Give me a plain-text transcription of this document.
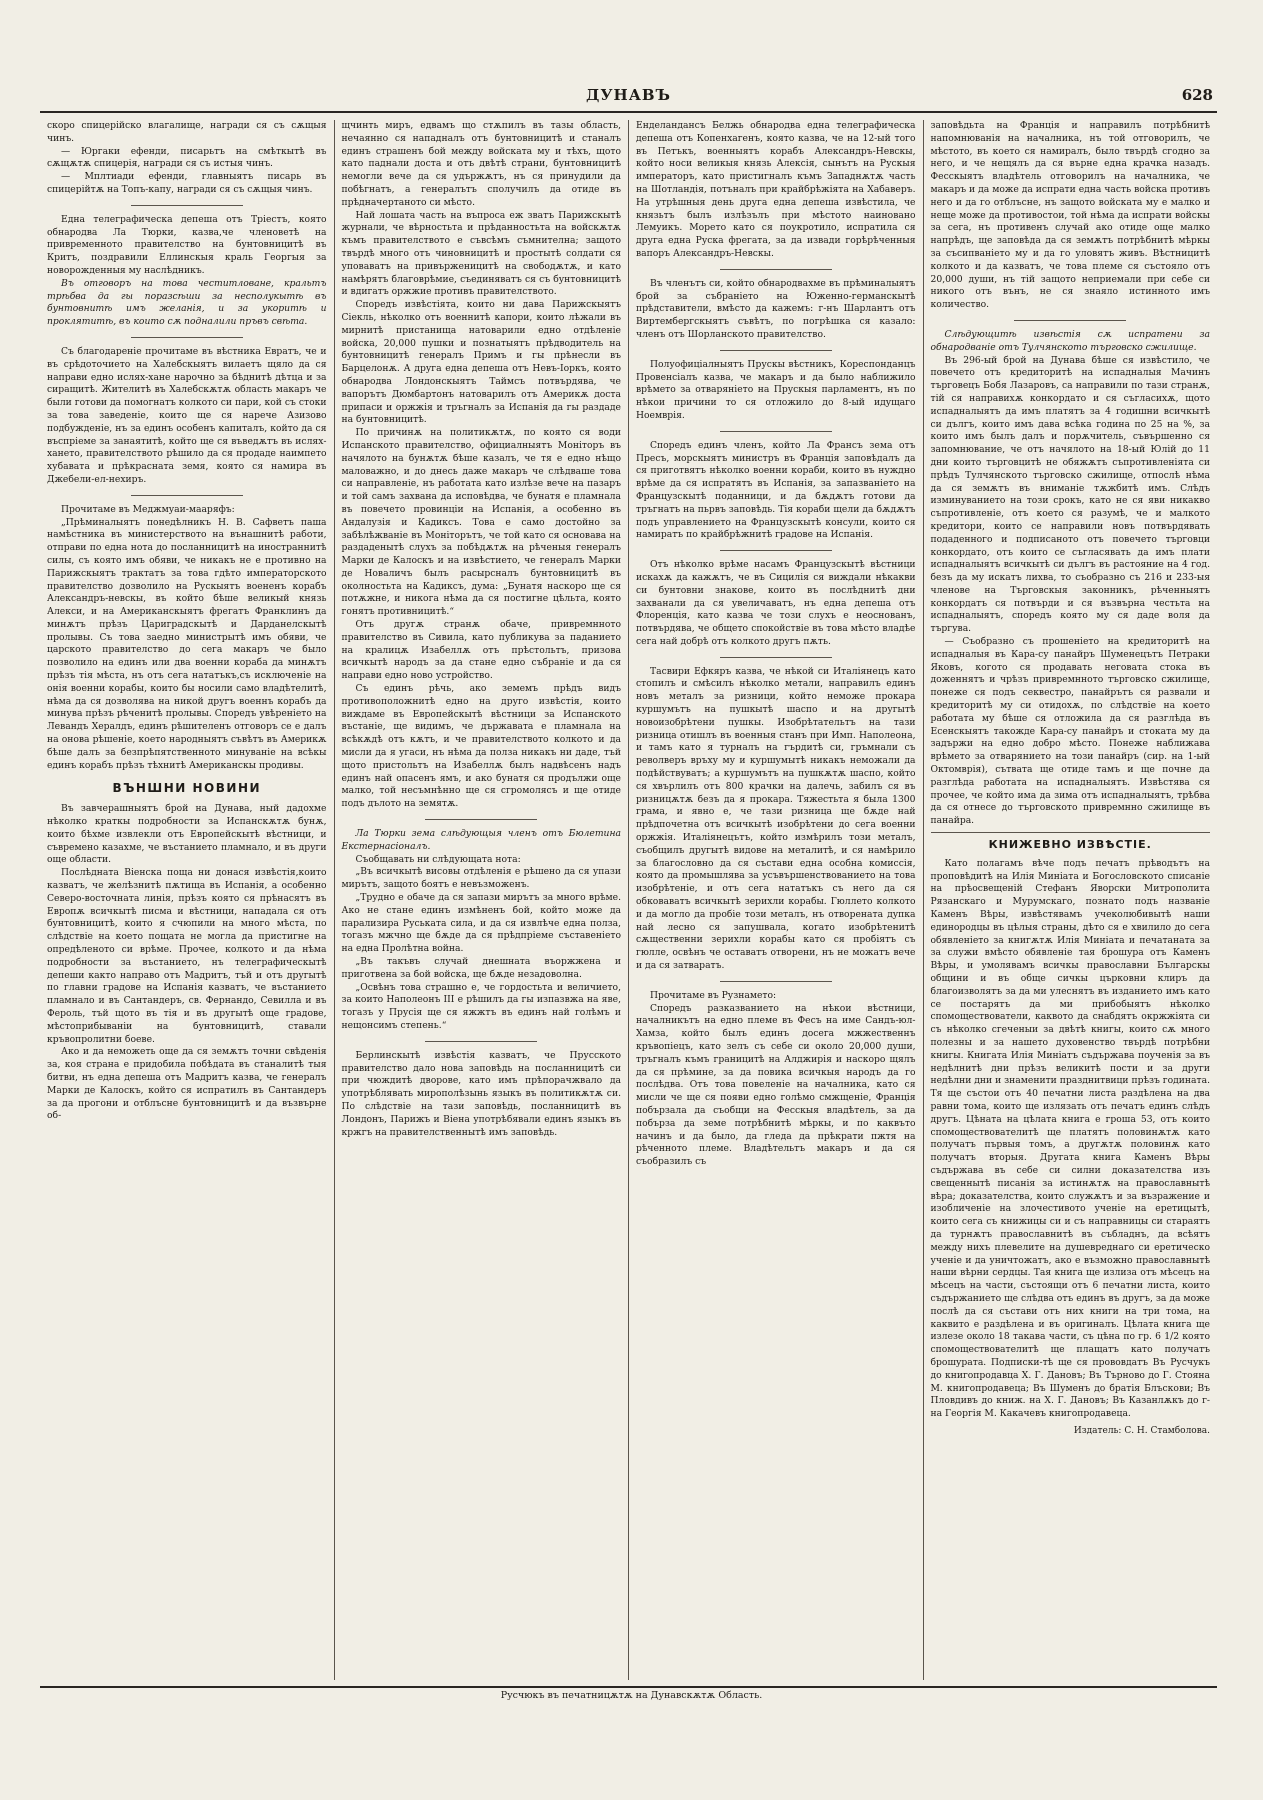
ДУНАВЪ	628

скоро спицерійско влагалище, награди ся съ сѫщыя чинъ.

— Юргаки ефенди, писарьтъ на смѣткытѣ въ сѫщѫтѫ спицерія, награди ся съ истыя чинъ.

— Мплтиади ефенди, главныятъ писарь въ спицерійтѫ на Топъ-капу, награди ся съ сѫщыя чинъ.

Една телеграфическа депеша отъ Тріестъ, която обнародва Ла Тюрки, казва,че членоветѣ на привременното правителство на бунтовницитѣ въ Критъ, поздравили Еллинскыя краль Георгыя за новорожденныя му наслѣдникъ.

Въ отговоръ на това честитловане, кральтъ трѣбва да гы поразсѣши за несполукытѣ въ бунтовнитѣ имъ желанія, и за укоритѣ и проклятитѣ, въ които сѫ подналили пръвъ свѣта.

Съ благодареніе прочитаме въ вѣстника Евратъ, че и въ срѣдоточието на Халебскыятъ вилаетъ щяло да ся направи едно ислях-хане нарочно за бѣднитѣ дѣтца и за сиращитѣ. Жителитѣ въ Халебскѫтѫ область макаръ че были готови да помогнатъ колкото си пари, кой съ стоки за това заведеніе, които ще ся нарече Азизово подбужденіе, нъ за единъ особенъ капиталъ, който да ся въспріеме за занаятитѣ, който ще ся въведѫтъ въ ислях-хането, правителството рѣшило да ся продаде наимпето хубавата и прѣкрасната земя, която ся намира въ Джебели-ел-нехиръ.

Прочитаме въ Меджмуаи-мааряфъ:

„Прѣминалыятъ понедѣлникъ Н. В. Сафветъ паша намѣстника въ министерството на вънашнитѣ работи, отправи по една нота до посланницитѣ на иностраннитѣ силы, съ която имъ обяви, че никакъ не е противно на Парижскыятъ трактатъ за това гдѣто императорското правителство дозволило на Рускыятъ воененъ корабъ Александръ-невскы, въ който бѣше великый князь Алекси, и на Американскыятъ фрегатъ Франклинъ да минѫтъ прѣзъ Цариградскытѣ и Дарданелскытѣ пролывы. Съ това заедно министрытѣ имъ обяви, че царското правителство до сега макаръ че было позволило на единъ или два военни кораба да минѫтъ прѣзъ тія мѣста, нъ отъ сега нататъкъ,съ исключеніе на онія военни корабы, които бы носили само владѣтелитѣ, нѣма да ся дозволява на никой другъ военнъ корабъ да минува прѣзъ рѣченитѣ пролывы. Споредъ увѣреніето на Левандъ Хералдъ, единъ рѣшителенъ отговоръ се е далъ на онова рѣшеніе, което народныятъ съвѣтъ въ Америкѫ бѣше далъ за безпрѣпятственното минуваніе на всѣкы единъ корабъ прѣзъ тѣхнитѣ Американскы продивы.

ВЪНШНИ НОВИНИ

Въ завчерашныятъ брой на Дунава, ный дадохме нѣколко краткы подробности за Испанскѫтѫ бунѫ, които бѣхме извлекли отъ Европейскытѣ вѣстници, и съвремено казахме, че въстанието пламнало, и въ други още области.

Послѣдната Віенска поща ни донася извѣстія,които казватъ, че желѣзнитѣ пѫтища въ Испанія, а особенно Северо-восточната линія, прѣзъ която ся прѣнасятъ въ Европѫ всичкытѣ писма и вѣстници, нападала ся отъ бунтовницитѣ, които я счюпили на много мѣста, по слѣдствіе на което пощата не могла да пристигне на опредѣленото си врѣме. Прочее, колкото и да нѣма подробности за въстанието, нъ телеграфическытѣ депеши както направо отъ Мадритъ, тъй и отъ другытѣ по главни градове на Испанія казватъ, че въстанието пламнало и въ Сантандеръ, св. Фернандо, Севилла и въ Фероль, тъй щото въ тія и въ другытѣ още градове, мѣстоприбываніи на бунтовницитѣ, ставали кръвопролитни боеве.

Ако и да неможеть още да ся земѫтъ точни свѣденія за, коя страна е придобила побѣдата въ станалитѣ тыя битви, нъ една депеша отъ Мадритъ казва, че генералъ Марки де Калоскъ, който ся испратилъ въ Сантандеръ за да прогони и отблъсне бунтовницитѣ и да възвърне об-

щчинть миръ, едвамъ що стѫпилъ въ тазы область, нечаянно ся нападналъ отъ бунтовницитѣ и станалъ единъ страшенъ бой между войската му и тѣхъ, щото като паднали доста и отъ двѣтѣ страни, бунтовницитѣ немогли вече да ся удържѫтъ, нъ ся принудили да побѣгнатъ, а генералътъ сполучилъ да отиде въ прѣдначертаното си мѣсто.

Най лошата часть на въпроса еж зватъ Парижскытѣ журнали, че вѣрностьта и прѣданностьта на войскѫтѫ къмъ правителството е съвсѣмъ съмнителна; защото твърдѣ много отъ чиновницитѣ и простытѣ солдати ся уповаватъ на привърженицитѣ на свободѫтѫ, и като намѣрятъ благоврѣмие, съединяватъ ся съ бунтовницитѣ и вдигатъ оржжие противъ правителството.

Споредъ извѣстіята, които ни дава Парижскыятъ Сіекль, нѣколко отъ военнитѣ капори, които лѣжали въ мирнитѣ пристанища натоварили едно отдѣленіе войска, 20,000 пушки и познатыятъ прѣдводитель на бунтовницитѣ генералъ Примъ и гы прѣнесли въ Барцелонѫ. А друга една депеша отъ Невъ-Іоркъ, която обнародва Лондонскыятъ Таймсъ потвърдява, че вапорътъ Дюмбартонъ натоварилъ отъ Америкѫ доста припаси и оржжія и тръгналъ за Испанія да гы раздаде на бунтовницитѣ.

По причинѫ на политикѫтѫ, по която ся води Испанското правителство, официалныятъ Моніторъ въ начялото на бунѫтѫ бѣше казалъ, че тя е едно нѣщо маловажно, и до днесь даже макаръ че слѣдваше това си направленіе, нъ работата като излѣзе вече на пазаръ и той самъ захвана да исповѣдва, че бунатя е пламнала въ повечето провинціи на Испанія, а особенно въ Андалузія и Кадиксъ. Това е само достойно за забѣлѣжваніе въ Моніторътъ, че той като ся основава на раздаденытѣ слухъ за побѣдѫтѫ на рѣченыя генералъ Марки де Калоскъ и на извѣстието, че генералъ Марки де Новаличъ былъ расырсналъ бунтовницитѣ въ околностьта на Кадиксъ, дума: „Бунатя наскоро ще ся потѫжне, и никога нѣма да ся постигне цѣльта, която гонятъ противницитѣ.“

Отъ другѫ странѫ обаче, привремнното правителство въ Сивила, като публикува за паданието на кралицѫ Изабеллѫ отъ прѣстольтъ, призова всичкытѣ народъ за да стане едно събраніе и да ся направи едно ново устройство.

Съ единъ рѣчь, ако земемъ прѣдъ видъ противоположнитѣ едно на друго извѣстія, които виждаме въ Европейскытѣ вѣстници за Испанското въстаніе, ще видимъ, че държавата е пламнала на всѣкѫдѣ отъ кѫтъ, и че правителството колкото и да мисли да я угаси, нъ нѣма да полза никакъ ни даде, тъй щото пристольтъ на Изабеллѫ былъ надвѣсенъ надъ единъ най опасенъ ямъ, и ако бунатя ся продължи още малко, той несъмнѣнно ще ся сгромолясъ и ще отиде подъ дълото на земятѫ.

Ла Тюрки зема слѣдующыя членъ отъ Бюлетина Екстернасіоналъ.

Съобщавать ни слѣдующата нота:

„Въ всичкытѣ висовы отдѣленія е рѣшено да ся упази мирътъ, защото боятъ е невъзможенъ.

„Трудно е обаче да ся запази мирътъ за много врѣме. Ако не стане единъ измѣненъ бой, който може да парализира Руськата сила, и да ся извлѣче една полза, тогазъ мжчно ще бѫде да ся прѣдпріеме съставеніето на една Пролѣтна война.

„Въ такъвъ случай днешната въоржжена и приготвена за бой войска, ще бѫде незадоволна.

„Освѣнъ това страшно е, че гордостьта и величието, за които Наполеонъ III е рѣшилъ да гы изпазвжа на яве, тогазъ у Прусія ще ся яжжтъ въ единъ най голѣмъ и нещонсимъ степень.“

Берлинскытѣ извѣстія казватъ, че Прусското правителство дало нова заповѣдь на посланницитѣ си при чюждитѣ дворове, като имъ прѣпорачжвало да употрѣблявать мирополѣзынь языкъ въ политикѫтѫ си. По слѣдствіе на тази заповѣдь, посланницитѣ въ Лондонъ, Парижъ и Віена употрѣбявали единъ языкъ въ кржгъ на правителственнытѣ имъ заповѣдь.

Енделандансъ Белжь обнародва една телеграфическа депеша отъ Копенхагенъ, която казва, че на 12-ый того въ Петъкъ, военныятъ корабъ Александръ-Невскы, който носи великыя князь Алексія, сынътъ на Рускыя императоръ, като пристигналъ къмъ Западнѫтѫ часть на Шотландія, потъналъ при крайбрѣжіята на Хабаверъ. На утрѣшныя день друга една депеша извѣстила, че князьтъ былъ излѣзълъ при мѣстото наиновано Лемуикъ. Морето като ся поукротило, испратила ся друга една Руска фрегата, за да извади горѣрѣченныя вапоръ Александръ-Невскы.

Въ членътъ си, който обнародвахме въ прѣминалыятъ брой за събраніето на Юженно-германскытѣ прѣдставители, вмѣсто да кажемъ: г-нъ Шарлантъ отъ Виртембергскыятъ съвѣтъ, по погрѣшка ся казало: членъ отъ Шорланското правителство.

Полуофиціалныятъ Прускы вѣстникъ, Кореспонданцъ Провенсіалъ казва, че макаръ и да было наближило врѣмето за отваряніето на Прускыя парламентъ, нъ по нѣкои причини то ся отложило до 8-ый идущаго Ноемврія.

Споредъ единъ членъ, който Ла Франсъ зема отъ Пресъ, морскыятъ министръ въ Франція заповѣдалъ да ся приготвятъ нѣколко военни кораби, които въ нуждно врѣме да ся испратятъ въ Испанія, за запазваніето на Французскытѣ поданници, и да бѫдѫтъ готови да тръгнатъ на пьрвъ заповѣдь. Тія кораби щели да бѫдѫтъ подъ управлението на Французскытѣ консули, които ся намиратъ по крайбрѣжнитѣ градове на Испанія.

Отъ нѣколко врѣме насамъ Французскытѣ вѣстници искахѫ да кажѫтъ, че въ Сицилія ся виждали нѣкакви си бунтовни знакове, които въ послѣднитѣ дни захванали да ся увеличаватъ, нъ една депеша отъ Флоренція, като казва че този слухъ е неоснованъ, потвърдява, че общето спокойствіе въ това мѣсто владѣе сега най добрѣ отъ колкото другъ пѫть.

Тасвири Ефкяръ казва, че нѣкой си Италіянецъ като стопилъ и смѣсилъ нѣколко метали, направилъ единъ новъ металъ за ризници, който неможе прокара куршумътъ на пушкытѣ шаспо и на другытѣ новоизобрѣтени пушкы. Изобрѣтательтъ на тази ризница отишлъ въ военныя станъ при Имп. Наполеона, и тамъ като я турналъ на гърдитѣ си, гръмнали съ револверъ връху му и куршумытѣ никакъ неможали да подѣйствуватъ; а куршумътъ на пушкѫтѫ шаспо, който ся хвърлилъ отъ 800 крачки на далечь, забилъ ся въ ризницѫтѫ безъ да я прокара. Тяжестьта я была 1300 грама, и явно е, че тази ризница ще бѫде най прѣдпочетна отъ всичкытѣ изобрѣтени до сега военни оржжія. Италіянецътъ, който измѣрилъ този металъ, съобщилъ другытѣ видове на металитѣ, и ся намѣрило за благословно да ся състави една особна комиссія, която да промышлява за усъвършенствованието на това изобрѣтеніе, и отъ сега нататъкъ съ него да ся обковаватъ всичкытѣ зерихли корабы. Гюллето колкото и да могло да пробіе този металъ, нъ отворената дупка най лесно ся запушвала, когато изобрѣтенитѣ сѫщественни зерихли корабы като ся пробіятъ съ гюлле, освѣнъ че оставатъ отворени, нъ не можатъ вече и да ся затваратъ.

Прочитаме въ Рузнамето:

Споредъ разказванието на нѣкои вѣстници, началникътъ на едно племе въ Фесъ на име Сандъ-юл-Хамза, който былъ единъ досега мжжественнъ кръвопіецъ, като зелъ съ себе си около 20,000 души, тръгналъ къмъ границитѣ на Алджирія и наскоро щялъ да ся прѣмине, за да повика всичкыя народъ да го послѣдва. Отъ това повеленіе на началника, като ся мисли че ще ся появи едно голѣмо смжщеніе, Франція побързала да съобщи на Фесскыя владѣтель, за да побърза да земе потрѣбнитѣ мѣркы, и по каквъто начинъ и да было, да гледа да прѣкрати пжтя на рѣченното племе. Владѣтельтъ макаръ и да ся съобразилъ съ

заповѣдьта на Франція и направилъ потрѣбнитѣ напомнюванія на началника, нъ той отговорилъ, че мѣстото, въ което ся намиралъ, было твърдѣ сгодно за него, и че нещялъ да ся върне една крачка назадъ. Фесскыятъ владѣтель отговорилъ на началника, че макаръ и да може да испрати една часть войска противъ него и да го отблъсне, нъ защото войската му е малко и неще може да противостои, той нѣма да испрати войскы за сега, нъ противенъ случай ако отиде още малко напрѣдъ, ще заповѣда да ся земѫтъ потрѣбнитѣ мѣркы за съсипваніето му и да го уловятъ живъ. Вѣстницитѣ колкото и да казватъ, че това племе ся състояло отъ 20,000 души, нъ тій защото неприемали при себе си никого отъ вънъ, не ся знаяло истинното имъ количество.

Слѣдующитѣ извѣстія сѫ испратени за обнародваніе отъ Тулчянското търговско сжилище.

Въ 296-ый брой на Дунава бѣше ся извѣстило, че повечето отъ кредиторитѣ на испадналыя Мачинъ търговецъ Бобя Лазаровъ, са направили по тази странѫ, тій ся направихѫ конкордато и ся съгласихѫ, щото испадналыятъ да имъ платятъ за 4 годишни всичкытѣ си дългъ, които имъ дава всѣка година по 25 на %, за които имъ былъ далъ и порѫчитель, съвършенно ся запомнювание, че отъ начялото на 18-ый Юлій до 11 дни които търговцитѣ не обяжѫтъ съпротивленіята си прѣдъ Тулчянското търговско сжилище, отпослѣ нѣма да ся земѫтъ въ вниманіе тѫжбитѣ имъ. Слѣдъ изминуванието на този срокъ, като не ся яви никакво съпротивленіе, отъ което ся разумѣ, че и малкото кредитори, които се направили новъ потвърдявать подаденного и подписаното отъ повечето търговци конкордато, отъ които се съгласявать да имъ плати испадналыятъ всичкытѣ си дългъ въ растояние на 4 год. безъ да му искатъ лихва, то съобразно съ 216 и 233-ыя членове на Търговскыя законникъ, рѣченныятъ конкордатъ ся потвърди и ся възвърна честьта на испадналыятъ, споредъ която му ся даде воля да търгува.

— Съобразно съ прошеніето на кредиторитѣ на испадналыя въ Кара-су панайръ Шуменецътъ Петраки Яковъ, когото ся продавать неговата стока въ доженнятъ и чрѣзъ привремнното търговско сжилище, понеже ся подъ секвестро, панайрътъ ся развали и кредиторитѣ му си отидохѫ, по слѣдствіе на което работата му бѣше ся отложила да ся разглѣда въ Есенскыятъ такожде Кара-су панайръ и стоката му да задържи на едно добро мѣсто. Понеже наближава врѣмето за отварянието на този панайръ (сир. на 1-ый Октомврія), сътвата ще отиде тамъ и ще почне да разглѣда работата на испадналыятъ. Извѣстява ся прочее, че който има да зима отъ испадналыятъ, трѣбва да ся отнесе до търговското привремнно сжилище въ панайра.

КНИЖЕВНО ИЗВѢСТІЕ.

Като полагамъ вѣче подъ печатъ прѣводътъ на проповѣдитѣ на Илія Миніата и Богословското списаніе на прѣосвещеній Стефанъ Яворски Митрополита Рязанскаго и Мурумскаго, познато подъ названіе Каменъ Вѣры, извѣстявамъ учеколюбивытѣ наши единородцы въ цѣлыя страны, дѣто ся е хвилило до сега обявленіето за книгѫтѫ Илія Миніата и печатаната за за служи вмѣсто обявленіе тая брошура отъ Каменъ Вѣры, и умолявамъ всичкы православни Българскы общини и въ обще сичкы църковни клиръ да благоизволятъ за да ми улеснятъ въ изданието имъ като се постарятъ да ми прибобыятъ нѣколко спомоществователи, каквото да снабдятъ окржжіята си съ нѣколко сгеченыи за двѣтѣ книгы, които сѫ много полезны и за нашето духовенство твърдѣ потрѣбни книгы. Книгата Илія Миніатъ съдържава поученія за въ недѣлнитѣ дни прѣзъ великитѣ пости и за други недѣлни дни и знаменити празднитвици прѣзъ годината. Тя ще състои отъ 40 печатни листа раздѣлена на два равни тома, които ще излязать отъ печатъ единъ слѣдъ другъ. Цѣната на цѣлата книга е гроша 53, отъ които спомоществователитѣ ще платятъ половинѫтѫ като получатъ първыя томъ, а другѫтѫ половинѫ като получатъ вторыя. Другата книга Каменъ Вѣры съдържава въ себе си силни доказателства изъ свещеннытѣ писанія за истинѫтѫ на православнытѣ вѣра; доказателства, които служѫтъ и за възражение и изобличеніе на злочестивото ученіе на еретицытѣ, които сега съ книжицы си и съ направницы си стараятъ да турнѫтъ православнитѣ въ събладнъ, да всѣятъ между нихъ плевелите на душевреднаго си еретическо ученіе и да уничтожатъ, ако е възможно православнытѣ наши вѣрни сердцы. Тая книга ще излиза отъ мѣсецъ на мѣсецъ на части, състоящи отъ 6 печатни листа, които съдържанието ще слѣдва отъ единъ въ другъ, за да може послѣ да ся състави отъ них книги на три тома, на каквито е раздѣлена и въ оригиналъ. Цѣлата книга ще излезе около 18 такава части, съ цѣна по гр. 6 1/2 която спомоществователитѣ ще плащатъ като получатъ брошурата. Подписки-тѣ ще ся прововдатъ Въ Русчукъ до книгопродавца Х. Г. Дановъ; Въ Търново до Г. Стояна М. книгопродавеца; Въ Шуменъ до братія Блъскови; Въ Пловдивъ до книж. на Х. Г. Дановъ; Въ Казанлѫкъ до г-на Георгія М. Какачевъ книгопродавеца.

Издатель: С. Н. Стамболова.
Русчюкъ въ печатницѫтѫ на Дунавскѫтѫ Область.
